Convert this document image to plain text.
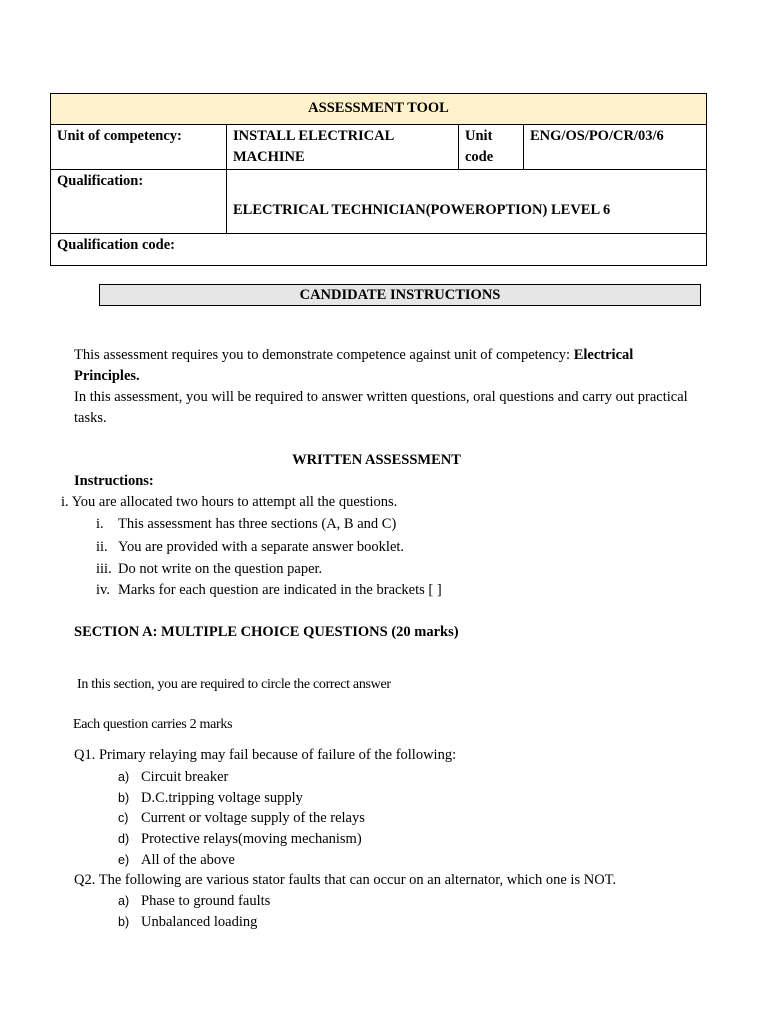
ASSESSMENT TOOL			
Unit of competency:	INSTALL ELECTRICAL MACHINE	Unit code	ENG/OS/PO/CR/03/6
Qualification:	ELECTRICAL TECHNICIAN(POWEROPTION) LEVEL 6		
Qualification code:			
CANDIDATE INSTRUCTIONS
This assessment requires you to demonstrate competence against unit of competency: Electrical Principles.
In this assessment, you will be required to answer written questions, oral questions and carry out practical tasks.
WRITTEN ASSESSMENT
Instructions:
i. You are allocated two hours to attempt all the questions.
i. This assessment has three sections (A, B and C)
ii. You are provided with a separate answer booklet.
iii. Do not write on the question paper.
iv. Marks for each question are indicated in the brackets [ ]
SECTION A: MULTIPLE CHOICE QUESTIONS (20 marks)
In this section, you are required to circle the correct answer
Each question carries 2 marks
Q1. Primary relaying may fail because of failure of the following:
a) Circuit breaker
b) D.C.tripping voltage supply
c) Current or voltage supply of the relays
d) Protective relays(moving mechanism)
e) All of the above
Q2. The following are various stator faults that can occur on an alternator, which one is NOT.
a) Phase to ground faults
b) Unbalanced loading
